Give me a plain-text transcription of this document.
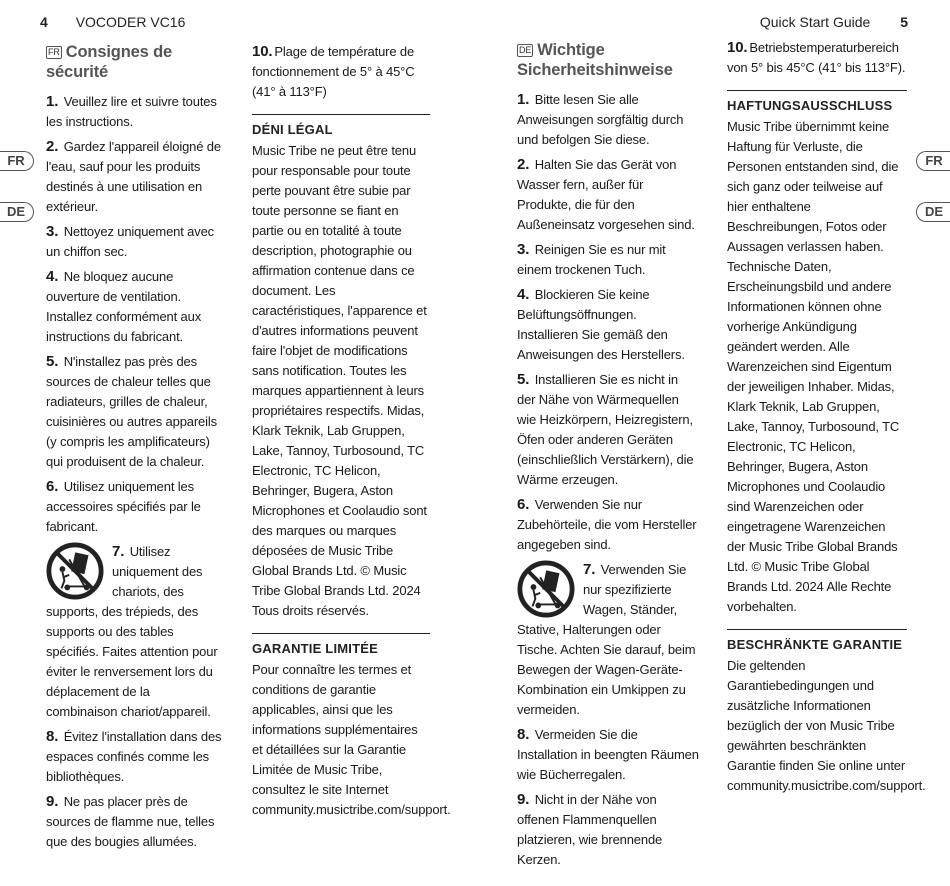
4 VOCODER VC16	Quick Start Guide 5
FR
DE
FR
DE
FR Consignes de sécurité

1. Veuillez lire et suivre toutes les instructions.

2. Gardez l'appareil éloigné de l'eau, sauf pour les produits destinés à une utilisation en extérieur.

3. Nettoyez uniquement avec un chiffon sec.

4. Ne bloquez aucune ouverture de ventilation. Installez conformément aux instructions du fabricant.

5. N'installez pas près des sources de chaleur telles que radiateurs, grilles de chaleur, cuisinières ou autres appareils (y compris les amplificateurs) qui produisent de la chaleur.

6. Utilisez uniquement les accessoires spécifiés par le fabricant.

7. Utilisez uniquement des chariots, des supports, des trépieds, des supports ou des tables spécifiés. Faites attention pour éviter le renversement lors du déplacement de la combinaison chariot/appareil.

8. Évitez l'installation dans des espaces confinés comme les bibliothèques.

9. Ne pas placer près de sources de flamme nue, telles que des bougies allumées.

10. Plage de température de fonctionnement de 5° à 45°C (41° à 113°F)

DÉNI LÉGAL

Music Tribe ne peut être tenu pour responsable pour toute perte pouvant être subie par toute personne se fiant en partie ou en totalité à toute description, photographie ou affirmation contenue dans ce document. Les caractéristiques, l'apparence et d'autres informations peuvent faire l'objet de modifications sans notification. Toutes les marques appartiennent à leurs propriétaires respectifs. Midas, Klark Teknik, Lab Gruppen, Lake, Tannoy, Turbosound, TC Electronic, TC Helicon, Behringer, Bugera, Aston Microphones et Coolaudio sont des marques ou marques déposées de Music Tribe Global Brands Ltd. © Music Tribe Global Brands Ltd. 2024 Tous droits réservés.

GARANTIE LIMITÉE

Pour connaître les termes et conditions de garantie applicables, ainsi que les informations supplémentaires et détaillées sur la Garantie Limitée de Music Tribe, consultez le site Internet community.musictribe.com/support.

DE Wichtige Sicherheitshinweise

1. Bitte lesen Sie alle Anweisungen sorgfältig durch und befolgen Sie diese.

2. Halten Sie das Gerät von Wasser fern, außer für Produkte, die für den Außeneinsatz vorgesehen sind.

3. Reinigen Sie es nur mit einem trockenen Tuch.

4. Blockieren Sie keine Belüftungsöffnungen. Installieren Sie gemäß den Anweisungen des Herstellers.

5. Installieren Sie es nicht in der Nähe von Wärmequellen wie Heizkörpern, Heizregistern, Öfen oder anderen Geräten (einschließlich Verstärkern), die Wärme erzeugen.

6. Verwenden Sie nur Zubehörteile, die vom Hersteller angegeben sind.

7. Verwenden Sie nur spezifizierte Wagen, Ständer, Stative, Halterungen oder Tische. Achten Sie darauf, beim Bewegen der Wagen-Geräte-Kombination ein Umkippen zu vermeiden.

8. Vermeiden Sie die Installation in beengten Räumen wie Bücherregalen.

9. Nicht in der Nähe von offenen Flammenquellen platzieren, wie brennende Kerzen.

10. Betriebstemperaturbereich von 5° bis 45°C (41° bis 113°F).

HAFTUNGSAUSSCHLUSS

Music Tribe übernimmt keine Haftung für Verluste, die Personen entstanden sind, die sich ganz oder teilweise auf hier enthaltene Beschreibungen, Fotos oder Aussagen verlassen haben. Technische Daten, Erscheinungsbild und andere Informationen können ohne vorherige Ankündigung geändert werden. Alle Warenzeichen sind Eigentum der jeweiligen Inhaber. Midas, Klark Teknik, Lab Gruppen, Lake, Tannoy, Turbosound, TC Electronic, TC Helicon, Behringer, Bugera, Aston Microphones und Coolaudio sind Warenzeichen oder eingetragene Warenzeichen der Music Tribe Global Brands Ltd. © Music Tribe Global Brands Ltd. 2024 Alle Rechte vorbehalten.

BESCHRÄNKTE GARANTIE

Die geltenden Garantiebedingungen und zusätzliche Informationen bezüglich der von Music Tribe gewährten beschränkten Garantie finden Sie online unter community.musictribe.com/support.
